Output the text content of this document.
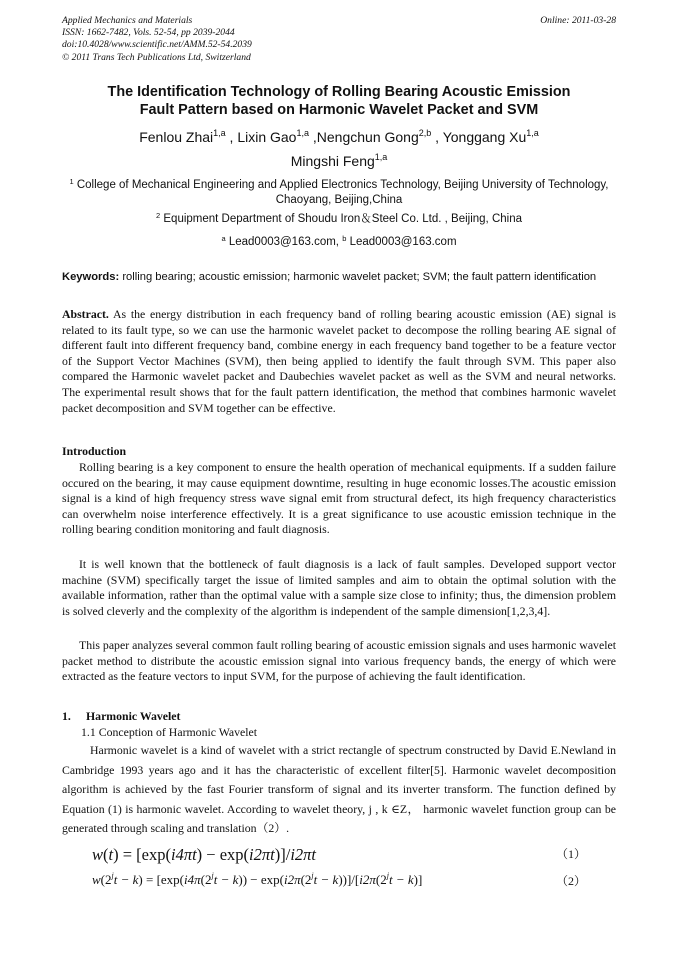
Applied Mechanics and Materials
ISSN: 1662-7482, Vols. 52-54, pp 2039-2044
doi:10.4028/www.scientific.net/AMM.52-54.2039
© 2011 Trans Tech Publications Ltd, Switzerland
Online: 2011-03-28
The Identification Technology of Rolling Bearing Acoustic Emission
Fault Pattern based on Harmonic Wavelet Packet and SVM
Fenlou Zhai$^{1,a}$ , Lixin Gao$^{1,a}$ ,Nengchun Gong$^{2,b}$ , Yonggang Xu$^{1,a}$
Mingshi Feng$^{1,a}$
$^1$ College of Mechanical Engineering and Applied Electronics Technology, Beijing University of Technology, Chaoyang, Beijing,China
$^2$ Equipment Department of Shoudu Iron＆Steel Co. Ltd. , Beijing, China
$^a$ Lead0003@163.com, $^b$ Lead0003@163.com
Keywords: rolling bearing; acoustic emission; harmonic wavelet packet; SVM; the fault pattern identification
Abstract. As the energy distribution in each frequency band of rolling bearing acoustic emission (AE) signal is related to its fault type, so we can use the harmonic wavelet packet to decompose the rolling bearing AE signal of different fault into different frequency band, combine energy in each frequency band together to be a feature vector of the Support Vector Machines (SVM), then being applied to identify the fault through SVM. This paper also compared the Harmonic wavelet packet and Daubechies wavelet packet as well as the SVM and neural networks. The experimental result shows that for the fault pattern identification, the method that combines harmonic wavelet packet decomposition and SVM together can be effective.
Introduction
Rolling bearing is a key component to ensure the health operation of mechanical equipments. If a sudden failure occured on the bearing, it may cause equipment downtime, resulting in huge economic losses.The acoustic emission signal is a kind of high frequency stress wave signal emit from structural defect, its high frequency characteristics can overwhelm noise interference effectively. It is a great significance to use acoustic emission technique in the rolling bearing condition monitoring and fault diagnosis.
It is well known that the bottleneck of fault diagnosis is a lack of fault samples. Developed support vector machine (SVM) specifically target the issue of limited samples and aim to obtain the optimal solution with the available information, rather than the optimal value with a sample size close to infinity; thus, the dimension problem is solved cleverly and the complexity of the algorithm is independent of the sample dimension[1,2,3,4].
This paper analyzes several common fault rolling bearing of acoustic emission signals and uses harmonic wavelet packet method to distribute the acoustic emission signal into various frequency bands, the energy of which were extracted as the feature vectors to input SVM, for the purpose of achieving the fault identification.
1. Harmonic Wavelet
1.1 Conception of Harmonic Wavelet
Harmonic wavelet is a kind of wavelet with a strict rectangle of spectrum constructed by David E.Newland in Cambridge 1993 years ago and it has the characteristic of excellent filter[5]. Harmonic wavelet decomposition algorithm is achieved by the fast Fourier transform of signal and its inverter transform. The function defined by Equation (1) is harmonic wavelet. According to wavelet theory, j , k ∈Z， harmonic wavelet function group can be generated through scaling and translation（2）.
w(t) = [exp(i4πt) − exp(i2πt)]/i2πt	（1）
$w(2^jt - k) = [\exp(i4\pi(2^jt - k)) - \exp(i2\pi(2^jt - k))]/[i2\pi(2^jt - k)]$	（2）
